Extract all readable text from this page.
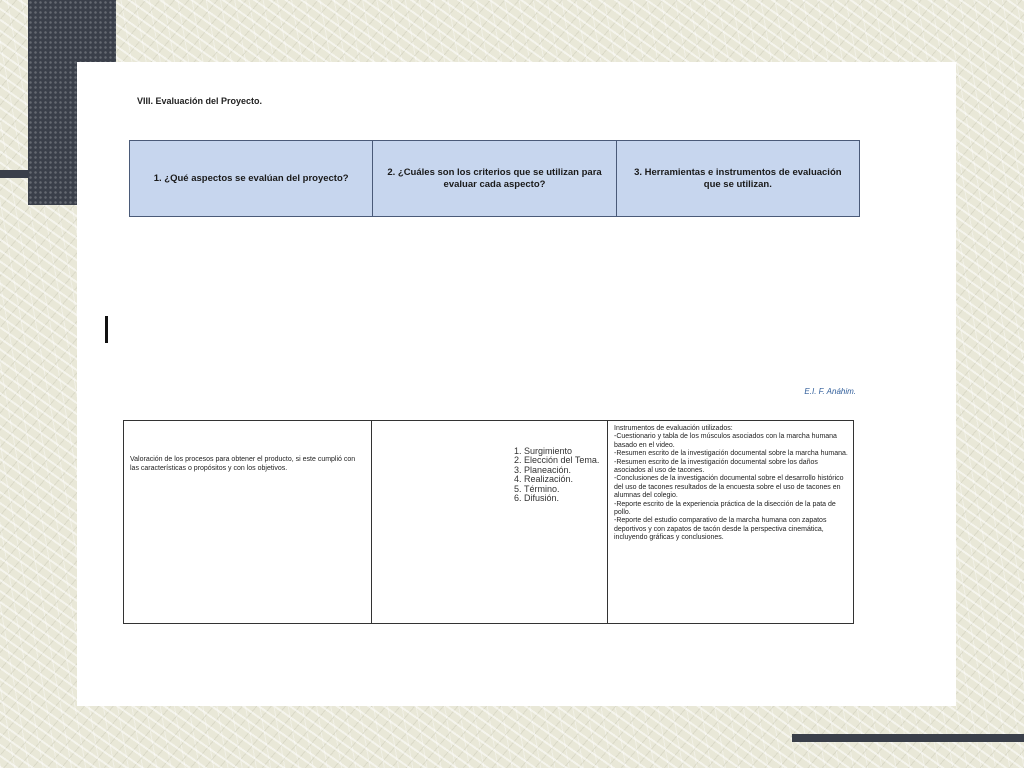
VIII. Evaluación del Proyecto.
1. ¿Qué aspectos se evalúan del proyecto?
2. ¿Cuáles son los criterios que se utilizan para evaluar cada aspecto?
3. Herramientas e instrumentos de evaluación que se utilizan.
E.I. F. Anáhim.
Valoración de los procesos para obtener el producto, si este cumplió con las características o propósitos y con los objetivos.
1. Surgimiento
2. Elección del Tema.
3. Planeación.
4. Realización.
5. Término.
6. Difusión.
Instrumentos de evaluación utilizados:
-Cuestionario y tabla de los músculos asociados con la marcha humana basado en el video.
-Resumen escrito de la investigación documental sobre la marcha humana.
-Resumen escrito de la investigación documental sobre los daños asociados al uso de tacones.
-Conclusiones de la investigación documental sobre el desarrollo histórico del uso de tacones resultados de la encuesta sobre el uso de tacones en alumnas del colegio.
-Reporte escrito de la experiencia práctica de la disección de la pata de pollo.
-Reporte del estudio comparativo de la marcha humana con zapatos deportivos y con zapatos de tacón desde la perspectiva cinemática, incluyendo gráficas y conclusiones.
